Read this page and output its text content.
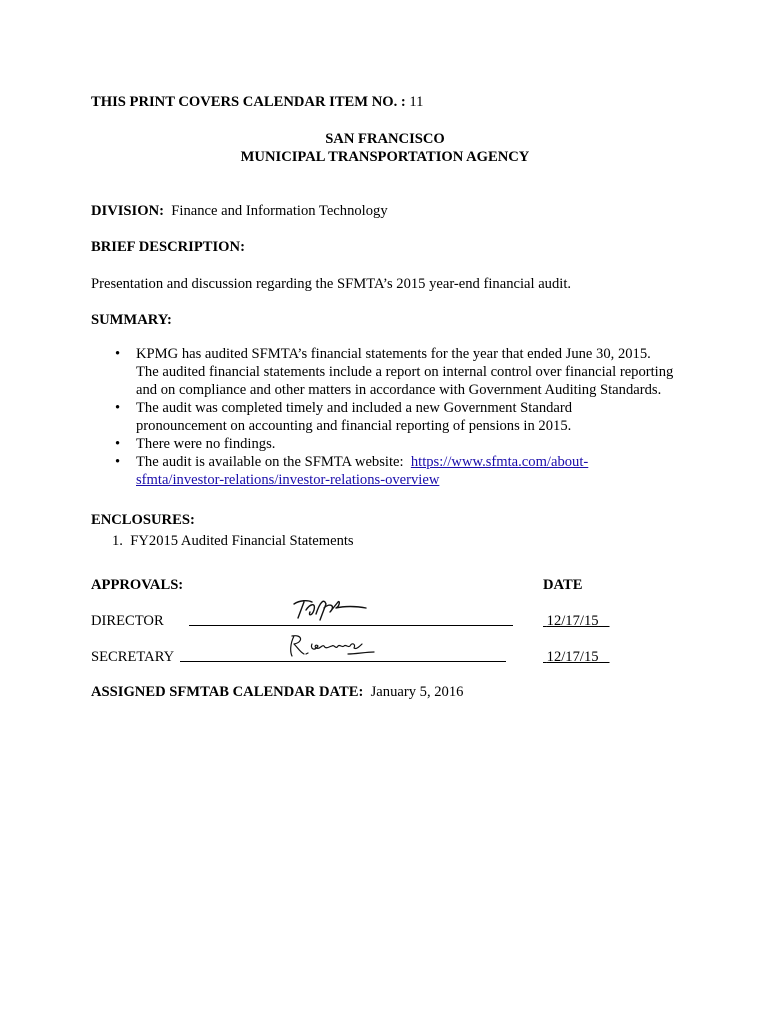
THIS PRINT COVERS CALENDAR ITEM NO. : 11
SAN FRANCISCO
MUNICIPAL TRANSPORTATION AGENCY
DIVISION: Finance and Information Technology
BRIEF DESCRIPTION:
Presentation and discussion regarding the SFMTA’s 2015 year-end financial audit.
SUMMARY:
• KPMG has audited SFMTA’s financial statements for the year that ended June 30, 2015.
The audited financial statements include a report on internal control over financial reporting
and on compliance and other matters in accordance with Government Auditing Standards.
• The audit was completed timely and included a new Government Standard
pronouncement on accounting and financial reporting of pensions in 2015.
• There were no findings.
• The audit is available on the SFMTA website: https://www.sfmta.com/about-
sfmta/investor-relations/investor-relations-overview
ENCLOSURES:
1. FY2015 Audited Financial Statements
APPROVALS:	DATE
DIRECTOR	12/17/15
SECRETARY	12/17/15
ASSIGNED SFMTAB CALENDAR DATE: January 5, 2016
